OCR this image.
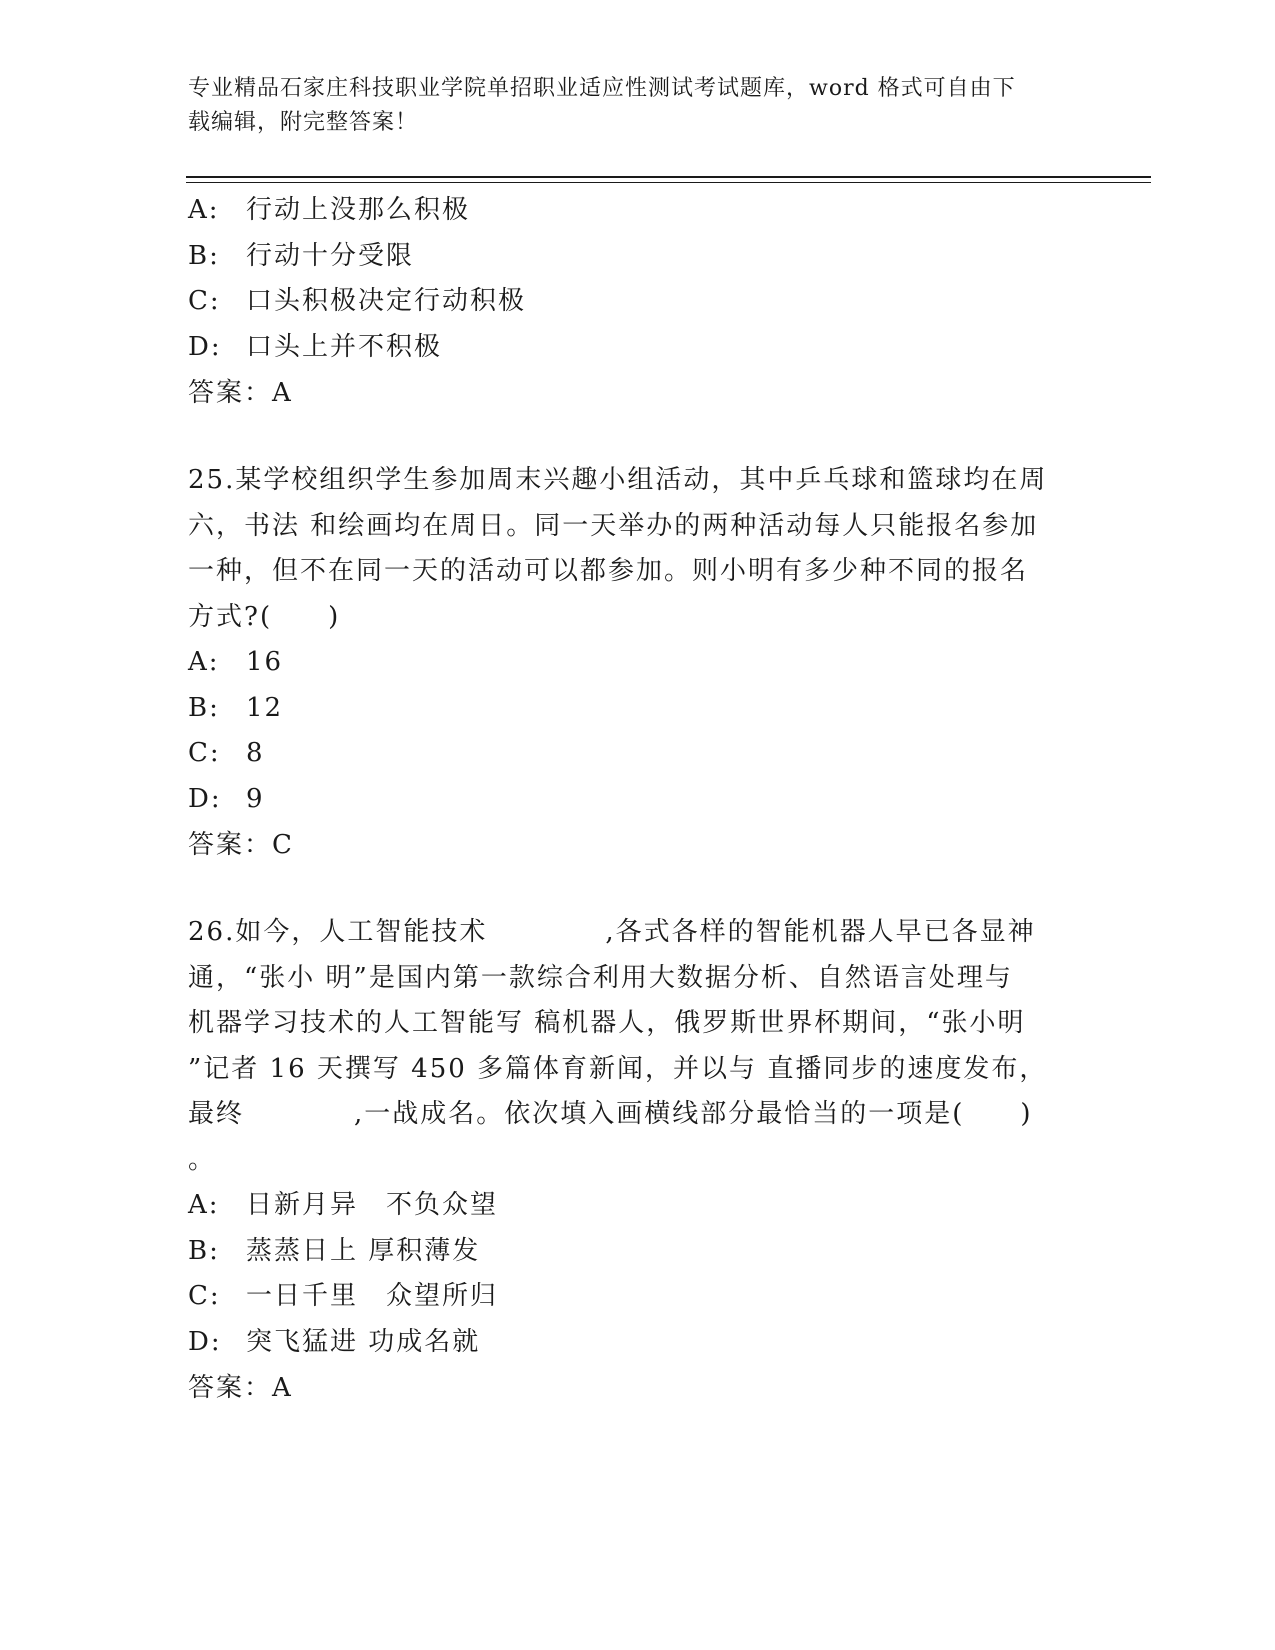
专业精品石家庄科技职业学院单招职业适应性测试考试题库，word 格式可自由下
载编辑，附完整答案！
A: 行动上没那么积极
B: 行动十分受限
C: 口头积极决定行动积极
D: 口头上并不积极
答案：A
25.某学校组织学生参加周末兴趣小组活动，其中乒乓球和篮球均在周
六，书法 和绘画均在周日。同一天举办的两种活动每人只能报名参加
一种，但不在同一天的活动可以都参加。则小明有多少种不同的报名
方式?(　　)
A: 16
B: 12
C: 8
D: 9
答案：C
26.如今，人工智能技术	,各式各样的智能机器人早已各显神
通，“张小 明”是国内第一款综合利用大数据分析、自然语言处理与
机器学习技术的人工智能写 稿机器人，俄罗斯世界杯期间，“张小明
”记者 16 天撰写 450 多篇体育新闻，并以与 直播同步的速度发布，
最终	,一战成名。依次填入画横线部分最恰当的一项是(　　)
。
A: 日新月异　不负众望
B: 蒸蒸日上 厚积薄发
C: 一日千里　众望所归
D: 突飞猛进 功成名就
答案：A
